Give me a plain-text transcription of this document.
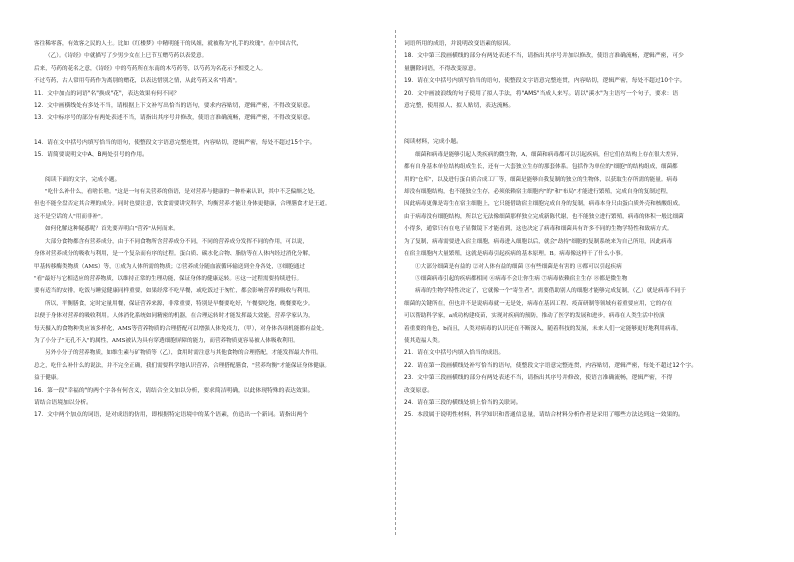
客往稀零落，有效客之民的人士。比如《红楼梦》中精明能干的凤姐，就被称为"扎手的玫瑰"。在中国古代，
（乙）。《诗经》中就描写了少男少女在上巳节互赠芍药以表爱意。
后来，芍药的花名之意，《诗经》中的芍药所在东南的木芍药等，以芍药为名花示予相爱之人。
不过芍药，古人常用芍药作为离别的赠花，以表达惜别之情，从此芍药又名"将离"。
11．文中加点的词语"名"换成"花"，表达效果有何不同？
12．文中画横线处有多处不当，请根据上下文补写出恰当的语句，要求内容贴切，逻辑严密，不得改变原意。
13．文中标序号的部分有两处表述不当，请指出其序号并修改，使语言准确流畅，逻辑严密，不得改变原意。
14．请在文中括号内填写恰当的语句，使整段文字语意完整连贯，内容贴切，逻辑严密，每处不超过15个字。
15．请简要说明文中A、B两处引号的作用。
阅读下面的文字，完成小题。
"吃什么补什么，看啥长啥。"这是一句有关营养的俗语，是对营养与健康的一种朴素认识，其中不乏偏颇之处，
但也不能全盘否定其合理的成分。同时也要注意，饮食需要讲究科学，均衡营养才能让身体更健康，合理膳食才是王道。
这不是空话的人"用而非补"。
如何化解这种疑惑呢？首先要弄明白"营养"从何而来。
大部分食物都含有营养成分，由于不同食物所含营养成分不同，不同的营养成分发挥不同的作用，可以说，
身体对营养成分的吸收与利用，是一个复杂而有序的过程。蛋白质、碳水化合物、脂肪等在人体内经过消化分解，
甲基转移酶类物质（AMS）等，①成为人体所需的物质；②营养成分随血液循环输送到全身各处，③细胞通过
"看"最好与它相适应的营养物质，以维持正常的生理功能，保证身体的健康运转。④这一过程需要持续进行。
要有适当的安排，吃饭与睡觉健康同样重要，如果经常不吃早餐，或吃饭过于匆忙，都会影响营养的吸收与利用。
所以，平衡膳食，定时定量用餐，保证营养来源，非常重要，特别是早餐要吃好，午餐要吃饱，晚餐要吃少。
以便于身体对营养的吸收利用。人体消化系统如同精密的机器，在合理运转时才能发挥最大效能，营养学家认为，
每天摄入的食物种类应该多样化，AMS等营养物质的合理搭配可以增强人体免疫力，（甲），对身体各项机能都有益处。
为了小分子"无孔不入"的属性，AMS被认为具有穿透细胞屏障的能力，而营养物质更容易被人体吸收利用。
另外小分子的营养物质，如维生素与矿物质等（乙），食用时需注意与其他食物的合理搭配，才能发挥最大作用。
总之，吃什么补什么的说法，并不完全正确，我们需要科学地认识营养，合理搭配膳食，"营养均衡"才能保证身体健康。
益于健康。
16．第一段"幸福的"的两个字各有何含义，请结合全文加以分析，要求简洁明确，以此体现特殊的表达效果。
请结合语境加以分析。
17．文中两个加点的词语，是对成语的仿用，即根据特定语境中的某个语素，仿造出一个新词。请指出两个
词语所用的成语，并说明改变语素的原因。
18．文中第三段画横线的部分有两处表述不当，请指出其序号并加以修改，使语言准确流畅，逻辑严密，可少
量删除词语，不得改变原意。
19．请在文中括号内填写恰当的语句，使整段文字语意完整连贯，内容贴切，逻辑严密，每处不超过10个字。
20．文中画波浪线的句子使用了拟人手法，将"AMS"当成人来写。请以"溪水"为主语写一个句子，要求：语
意完整，使用拟人、拟人贴切，表达流畅。
阅读材料，完成小题。
细菌和病毒是能够引起人类疾病的微生物，A，细菌和病毒都可以引起疾病，但它们在结构上存在很大差异，
都有自身基本单位结构组成生长，还有一大套独立生存的那套体系。包括作为单位的"细胞"的结构组成，细菌都
用的"仓库"，以及进行蛋白质合成工厂等，细菌是能够自我复制的独立的生物体，以获取生存所需的能量。病毒
却没有细胞结构，也不能独立生存，必须依赖宿主细胞内"的"和"布局"才能进行繁殖，完成自身的复制过程，
因此病毒更像是寄生在宿主细胞上，它只能借助宿主细胞完成自身的复制，病毒本身只由蛋白质外壳和核酸组成。
由于病毒没有细胞结构，所以它无法像细菌那样独立完成新陈代谢，也不能独立进行繁殖，病毒的体积一般比细菌
小得多，通常只有在电子显微镜下才能看到，这也决定了病毒和细菌具有许多不同的生物学特性和致病方式。
为了复制，病毒需要进入宿主细胞，病毒进入细胞以后，就会"劫持"细胞的复制系统来为自己所用，因此病毒
在宿主细胞内大量繁殖，这就是病毒引起疾病的基本原理。B。病毒像这样干了什么小事。
①大部分细菌是有益的 ②对人体有益的细菌 ③有些细菌是有害的 ④都可以引起疾病
⑤细菌病毒引起的疾病都相同 ⑥病毒不会让你生病 ⑦病毒依赖宿主生存 ⑧都是微生物
病毒的生物学特性决定了，它就像一个"寄生者"，需要借助别人的细胞才能够完成复制，（乙）就是病毒不同于
细菌的关键所在，但也并不是说病毒就一无是处，病毒在基因工程、疫苗研制等领域有着重要应用，它的存在
可以帮助科学家，a成功构建疫苗，实现对疾病的预防，推动了医学的发展和进步，病毒在人类生活中扮演
着重要的角色，b而且，人类对病毒的认识还在不断深入，随着科技的发展，未来人们一定能够更好地利用病毒，
使其造福人类。
21．请在文中括号内填入恰当的成语。
22．请在第一段画横线处补写恰当的语句，使整段文字语意完整连贯，内容贴切，逻辑严密，每处不超过12个字。
23．文中第三段画横线的部分有两处表述不当，请指出其序号并修改，使语言准确流畅，逻辑严密，不得
改变原意。
24．请在第三段的横线处填上恰当的关联词。
25．本段属于说明性材料，科学知识和普通信息量，请结合材料分析作者是采用了哪些方法达到这一效果的。
